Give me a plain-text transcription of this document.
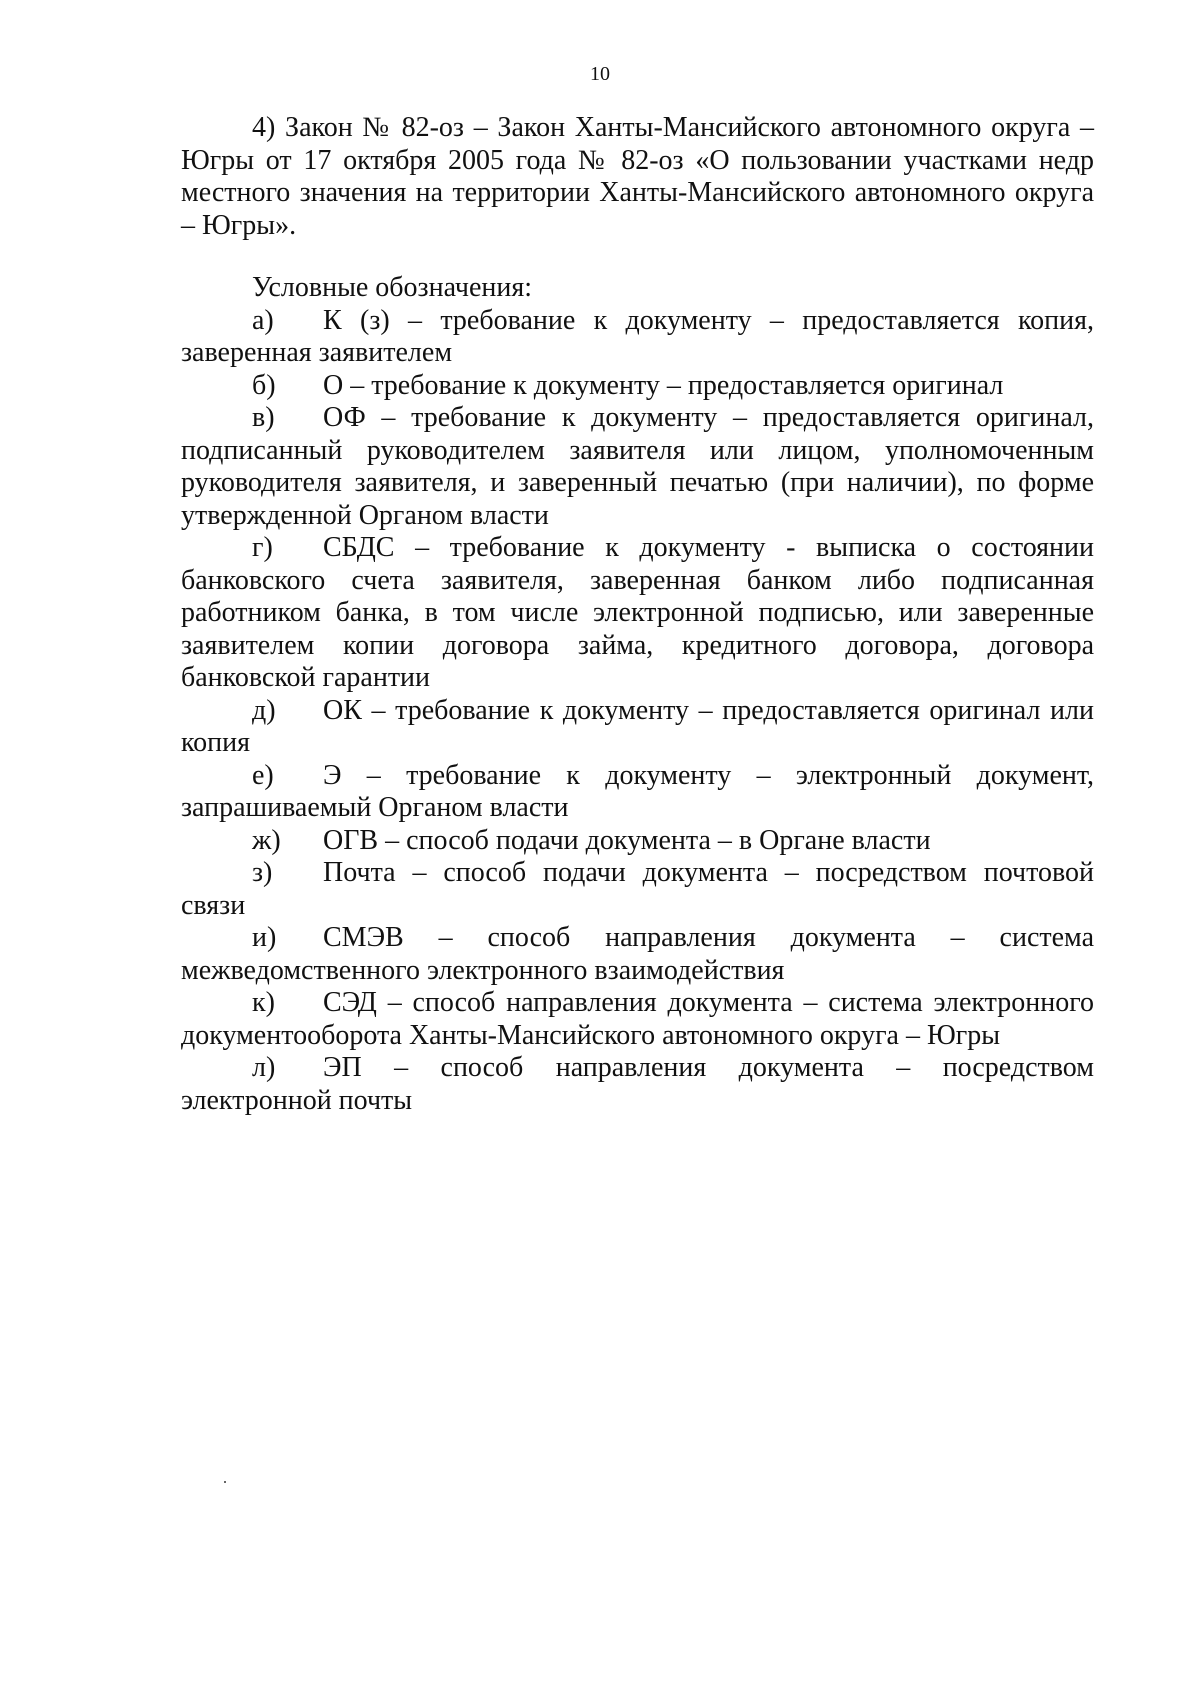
10

4) Закон № 82-оз – Закон Ханты-Мансийского автономного округа – Югры от 17 октября 2005 года № 82-оз «О пользовании участками недр местного значения на территории Ханты-Мансийского автономного округа – Югры».

Условные обозначения:

а) К (з) – требование к документу – предоставляется копия, заверенная заявителем

б) О – требование к документу – предоставляется оригинал

в) ОФ – требование к документу – предоставляется оригинал, подписанный руководителем заявителя или лицом, уполномоченным руководителя заявителя, и заверенный печатью (при наличии), по форме утвержденной Органом власти

г) СБДС – требование к документу - выписка о состоянии банковского счета заявителя, заверенная банком либо подписанная работником банка, в том числе электронной подписью, или заверенные заявителем копии договора займа, кредитного договора, договора банковской гарантии

д) ОК – требование к документу – предоставляется оригинал или копия

е) Э – требование к документу – электронный документ, запрашиваемый Органом власти

ж) ОГВ – способ подачи документа – в Органе власти

з) Почта – способ подачи документа – посредством почтовой связи

и) СМЭВ – способ направления документа – система межведомственного электронного взаимодействия

к) СЭД – способ направления документа – система электронного документооборота Ханты-Мансийского автономного округа – Югры

л) ЭП – способ направления документа – посредством электронной почты
